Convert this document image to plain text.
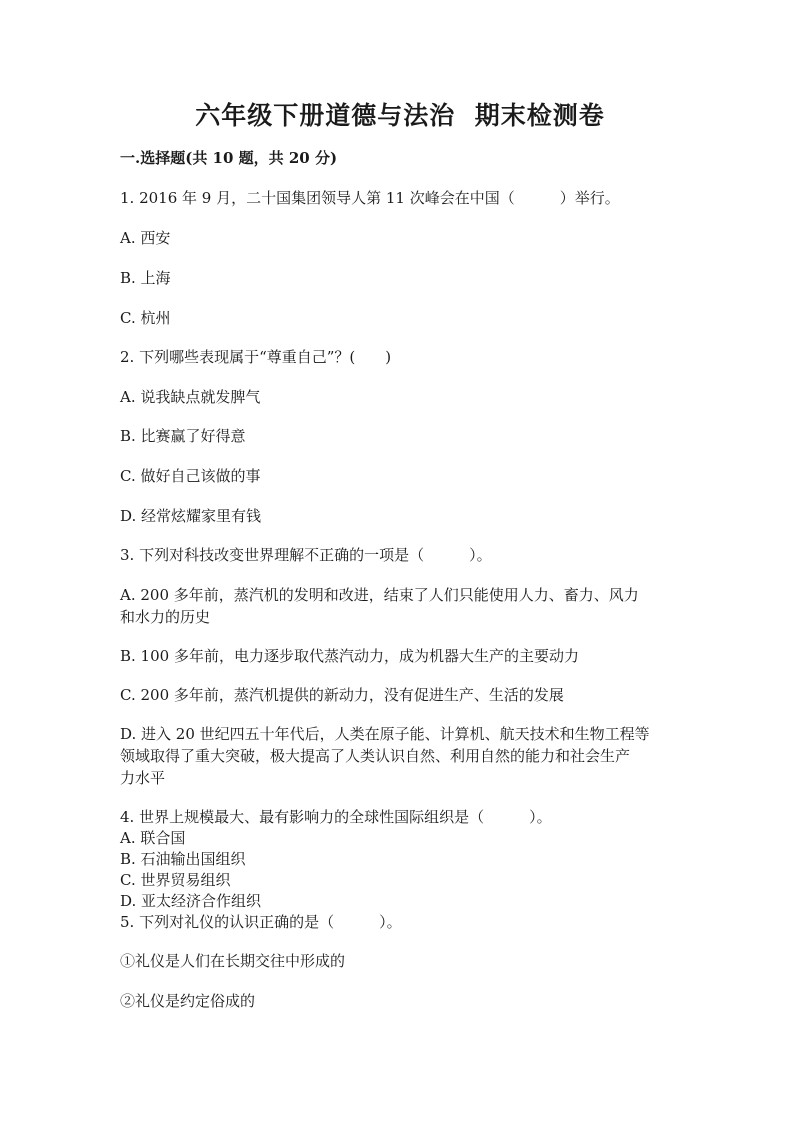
六年级下册道德与法治  期末检测卷
一.选择题(共 10 题，共 20 分)
1. 2016 年 9 月，二十国集团领导人第 11 次峰会在中国（　　　）举行。
A. 西安
B. 上海
C. 杭州
2. 下列哪些表现属于“尊重自己”？(　　)
A. 说我缺点就发脾气
B. 比赛赢了好得意
C. 做好自己该做的事
D. 经常炫耀家里有钱
3. 下列对科技改变世界理解不正确的一项是（　　　）。
A. 200 多年前，蒸汽机的发明和改进，结束了人们只能使用人力、畜力、风力
和水力的历史
B. 100 多年前，电力逐步取代蒸汽动力，成为机器大生产的主要动力
C. 200 多年前，蒸汽机提供的新动力，没有促进生产、生活的发展
D. 进入 20 世纪四五十年代后，人类在原子能、计算机、航天技术和生物工程等
领域取得了重大突破，极大提高了人类认识自然、利用自然的能力和社会生产
力水平
4. 世界上规模最大、最有影响力的全球性国际组织是（　　　）。
A. 联合国
B. 石油输出国组织
C. 世界贸易组织
D. 亚太经济合作组织
5. 下列对礼仪的认识正确的是（　　　）。
①礼仪是人们在长期交往中形成的
②礼仪是约定俗成的
